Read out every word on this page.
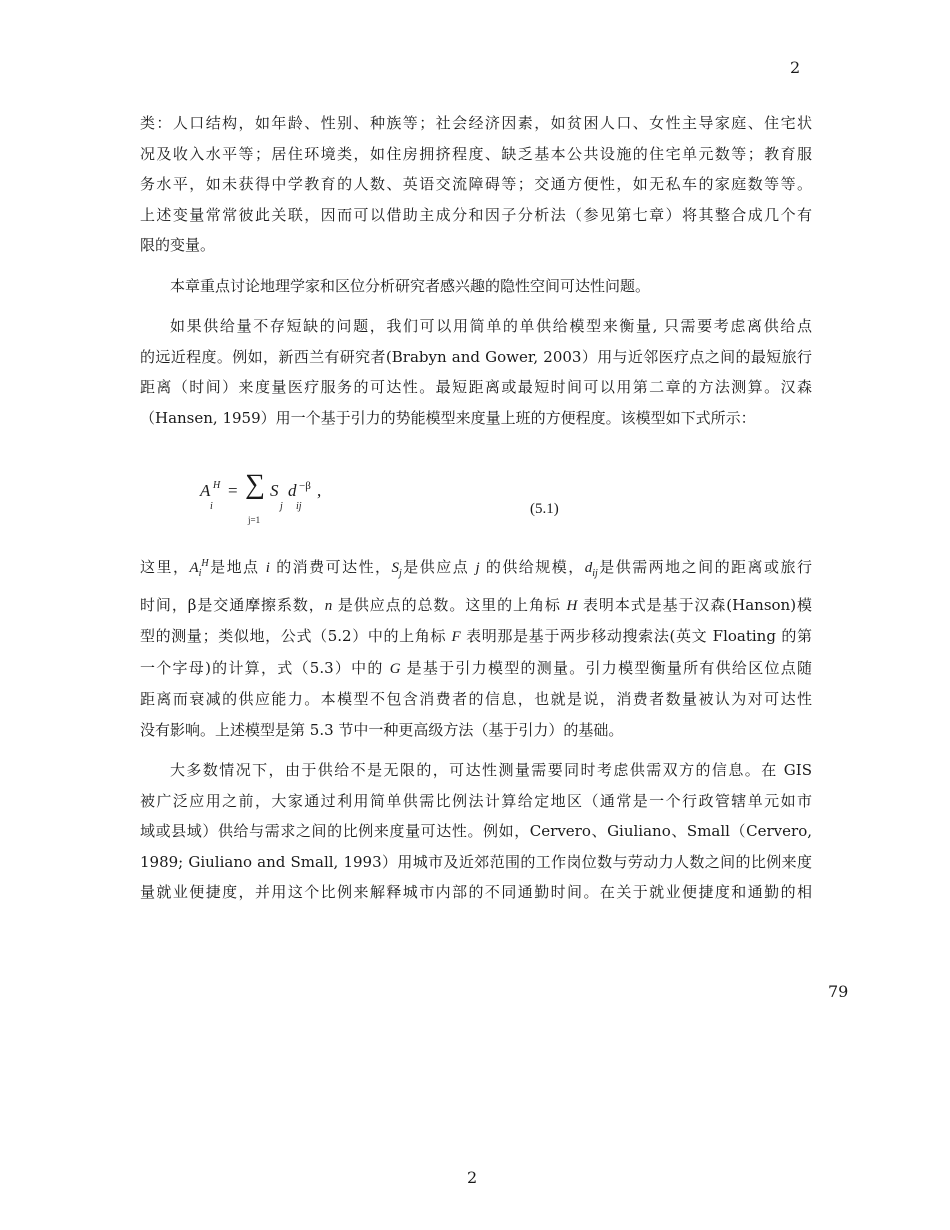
2
79
类：人口结构，如年龄、性别、种族等；社会经济因素，如贫困人口、女性主导家庭、住宅状
况及收入水平等；居住环境类，如住房拥挤程度、缺乏基本公共设施的住宅单元数等；教育服
务水平，如未获得中学教育的人数、英语交流障碍等；交通方便性，如无私车的家庭数等等。
上述变量常常彼此关联，因而可以借助主成分和因子分析法（参见第七章）将其整合成几个有
限的变量。
本章重点讨论地理学家和区位分析研究者感兴趣的隐性空间可达性问题。
如果供给量不存短缺的问题，我们可以用简单的单供给模型来衡量, 只需要考虑离供给点
的远近程度。例如，新西兰有研究者(Brabyn and Gower, 2003）用与近邻医疗点之间的最短旅行
距离（时间）来度量医疗服务的可达性。最短距离或最短时间可以用第二章的方法测算。汉森
（Hansen, 1959）用一个基于引力的势能模型来度量上班的方便程度。该模型如下式所示：
A H
i
= ∑
j=1
S
j
d
ij
−β ,
(5.1)
这里，$A_i^H$是地点 i 的消费可达性，$S_j$是供应点 j 的供给规模，$d_{ij}$是供需两地之间的距离或旅行
时间，β是交通摩擦系数，n 是供应点的总数。这里的上角标 H 表明本式是基于汉森(Hanson)模
型的测量；类似地，公式（5.2）中的上角标 F 表明那是基于两步移动搜索法(英文 Floating 的第
一个字母)的计算，式（5.3）中的 G 是基于引力模型的测量。引力模型衡量所有供给区位点随
距离而衰减的供应能力。本模型不包含消费者的信息，也就是说，消费者数量被认为对可达性
没有影响。上述模型是第 5.3 节中一种更高级方法（基于引力）的基础。
大多数情况下，由于供给不是无限的，可达性测量需要同时考虑供需双方的信息。在 GIS
被广泛应用之前，大家通过利用简单供需比例法计算给定地区（通常是一个行政管辖单元如市
域或县域）供给与需求之间的比例来度量可达性。例如，Cervero、Giuliano、Small（Cervero,
1989; Giuliano and Small, 1993）用城市及近郊范围的工作岗位数与劳动力人数之间的比例来度
量就业便捷度，并用这个比例来解释城市内部的不同通勤时间。在关于就业便捷度和通勤的相
2
